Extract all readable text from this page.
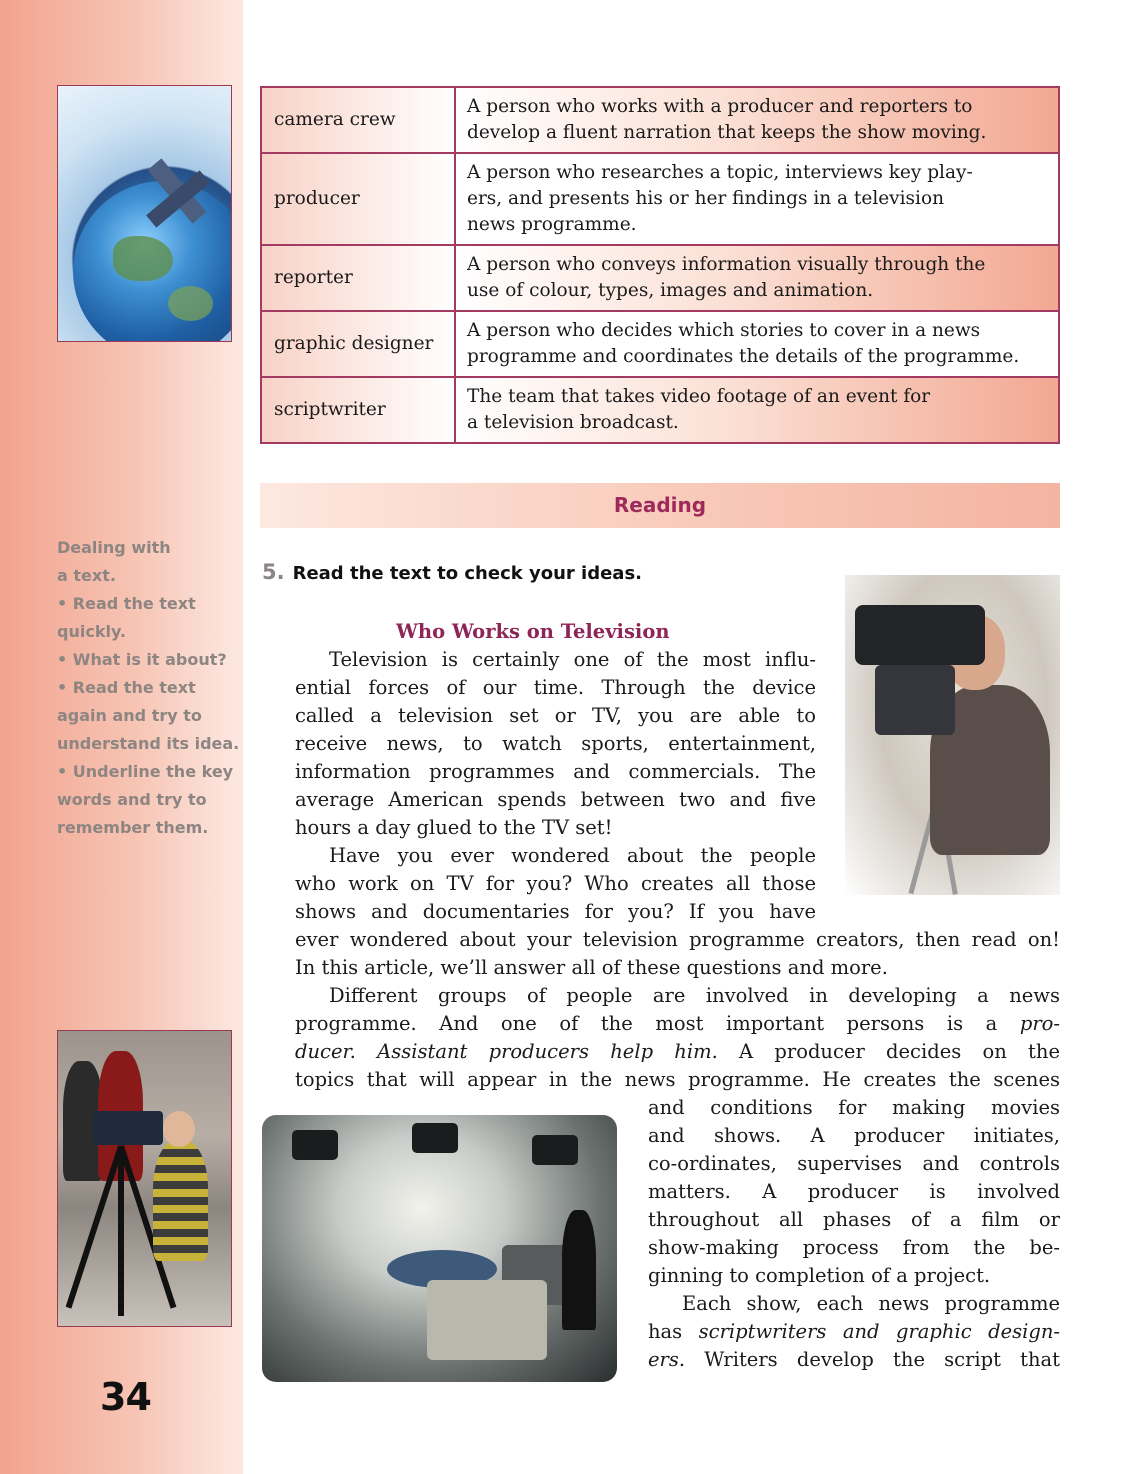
Dealing with

a text.

• Read the text

quickly.

• What is it about?

• Read the text

again and try to

understand its idea.

• Underline the key

words and try to

remember them.

34
camera crew	A person who works with a producer and reporters to
develop a fluent narration that keeps the show moving.

producer	A person who researches a topic, interviews key play-
ers, and presents his or her findings in a television
news programme.

reporter	A person who conveys information visually through the
use of colour, types, images and animation.

graphic designer	A person who decides which stories to cover in a news
programme and coordinates the details of the programme.

scriptwriter	The team that takes video footage of an event for
a television broadcast.
Reading
5. Read the text to check your ideas.
Who Works on Television
Television is certainly one of the most influ-
ential forces of our time. Through the device
called a television set or TV, you are able to
receive news, to watch sports, entertainment,
information programmes and commercials. The
average American spends between two and five
hours a day glued to the TV set!
Have you ever wondered about the people
who work on TV for you? Who creates all those
shows and documentaries for you? If you have
ever wondered about your television programme creators, then read on!
In this article, we’ll answer all of these questions and more.
Different groups of people are involved in developing a news
programme. And one of the most important persons is a pro-
ducer. Assistant producers help him. A producer decides on the
topics that will appear in the news programme. He creates the scenes
and conditions for making movies
and shows. A producer initiates,
co-ordinates, supervises and controls
matters. A producer is involved
throughout all phases of a film or
show-making process from the be-
ginning to completion of a project.
Each show, each news programme
has scriptwriters and graphic design-
ers. Writers develop the script that
